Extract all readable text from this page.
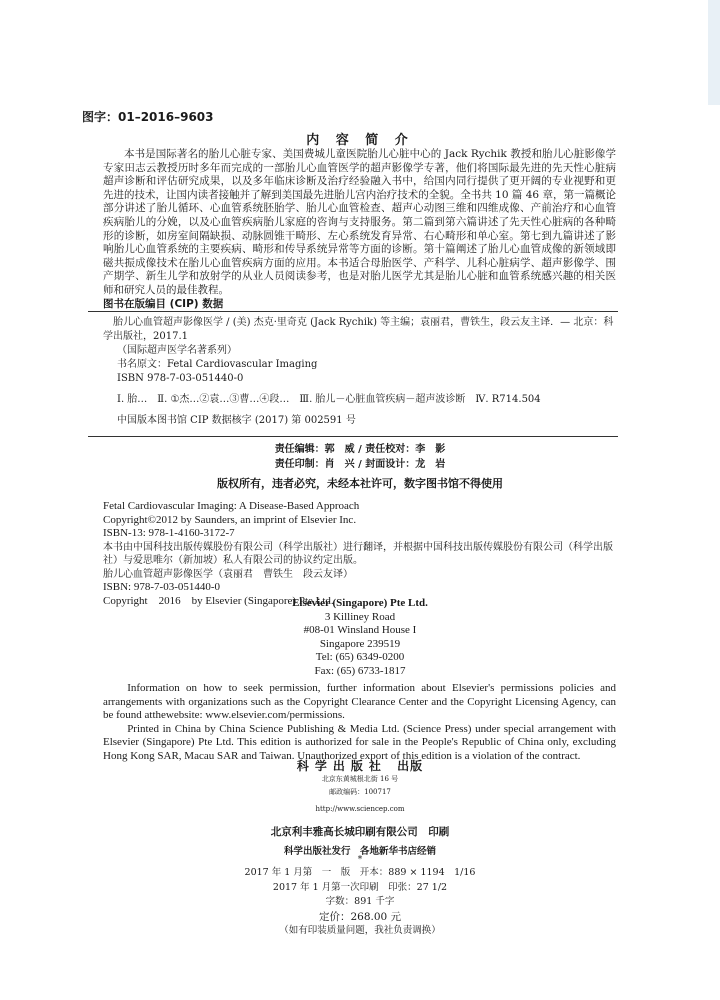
图字：01–2016–9603
内 容 简 介
本书是国际著名的胎儿心脏专家、美国费城儿童医院胎儿心脏中心的 Jack Rychik 教授和胎儿心脏影像学专家田志云教授历时多年而完成的一部胎儿心血管医学的超声影像学专著，他们将国际最先进的先天性心脏病超声诊断和评估研究成果，以及多年临床诊断及治疗经验融入书中，给国内同行提供了更开阔的专业视野和更先进的技术，让国内读者接触并了解到美国最先进胎儿宫内治疗技术的全貌。全书共 10 篇 46 章，第一篇概论部分讲述了胎儿循环、心血管系统胚胎学、胎儿心血管检查、超声心动图三维和四维成像、产前治疗和心血管疾病胎儿的分娩，以及心血管疾病胎儿家庭的咨询与支持服务。第二篇到第六篇讲述了先天性心脏病的各种畸形的诊断，如房室间隔缺损、动脉圆锥干畸形、左心系统发育异常、右心畸形和单心室。第七到九篇讲述了影响胎儿心血管系统的主要疾病、畸形和传导系统异常等方面的诊断。第十篇阐述了胎儿心血管成像的新领域即磁共振成像技术在胎儿心血管疾病方面的应用。本书适合母胎医学、产科学、儿科心脏病学、超声影像学、围产期学、新生儿学和放射学的从业人员阅读参考，也是对胎儿医学尤其是胎儿心脏和血管系统感兴趣的相关医师和研究人员的最佳教程。
图书在版编目 (CIP) 数据
胎儿心血管超声影像医学 / (美) 杰克·里奇克 (Jack Rychik) 等主编；袁丽君，曹铁生，段云友主译．— 北京：科学出版社，2017.1
（国际超声医学名著系列）
书名原文：Fetal Cardiovascular Imaging
ISBN 978-7-03-051440-0
Ⅰ. 胎…　Ⅱ. ①杰…②袁…③曹…④段…　Ⅲ. 胎儿－心脏血管疾病－超声波诊断　Ⅳ. R714.504
中国版本图书馆 CIP 数据核字 (2017) 第 002591 号
责任编辑：郭　威 / 责任校对：李　影
责任印制：肖　兴 / 封面设计：龙　岩
版权所有，违者必究，未经本社许可，数字图书馆不得使用
Fetal Cardiovascular Imaging: A Disease-Based Approach
Copyright©2012 by Saunders, an imprint of Elsevier Inc.
ISBN-13: 978-1-4160-3172-7
本书由中国科技出版传媒股份有限公司（科学出版社）进行翻译，并根据中国科技出版传媒股份有限公司（科学出版社）与爱思唯尔（新加坡）私人有限公司的协议约定出版。
胎儿心血管超声影像医学（袁丽君　曹铁生　段云友译）
ISBN: 978-7-03-051440-0
Copyright　2016　by Elsevier (Singapore) Pte Ltd.
Elsevier (Singapore) Pte Ltd.
3 Killiney Road
#08-01 Winsland House I
Singapore 239519
Tel: (65) 6349-0200
Fax: (65) 6733-1817

Information on how to seek permission, further information about Elsevier's permissions policies and arrangements with organizations such as the Copyright Clearance Center and the Copyright Licensing Agency, can be found atthewebsite: www.elsevier.com/permissions.

Printed in China by China Science Publishing & Media Ltd. (Science Press) under special arrangement with Elsevier (Singapore) Pte Ltd. This edition is authorized for sale in the People's Republic of China only, excluding Hong Kong SAR, Macau SAR and Taiwan. Unauthorized export of this edition is a violation of the contract.

科学出版社 出版
北京东黄城根北街 16 号
邮政编码：100717
http://www.sciencep.com
北京利丰雅高长城印刷有限公司　印刷
科学出版社发行　各地新华书店经销
*
2017 年 1 月第　一　版　开本：889 × 1194　1/16
2017 年 1 月第一次印刷　印张：27 1/2
字数：891 千字
定价：268.00 元
（如有印装质量问题，我社负责调换）
